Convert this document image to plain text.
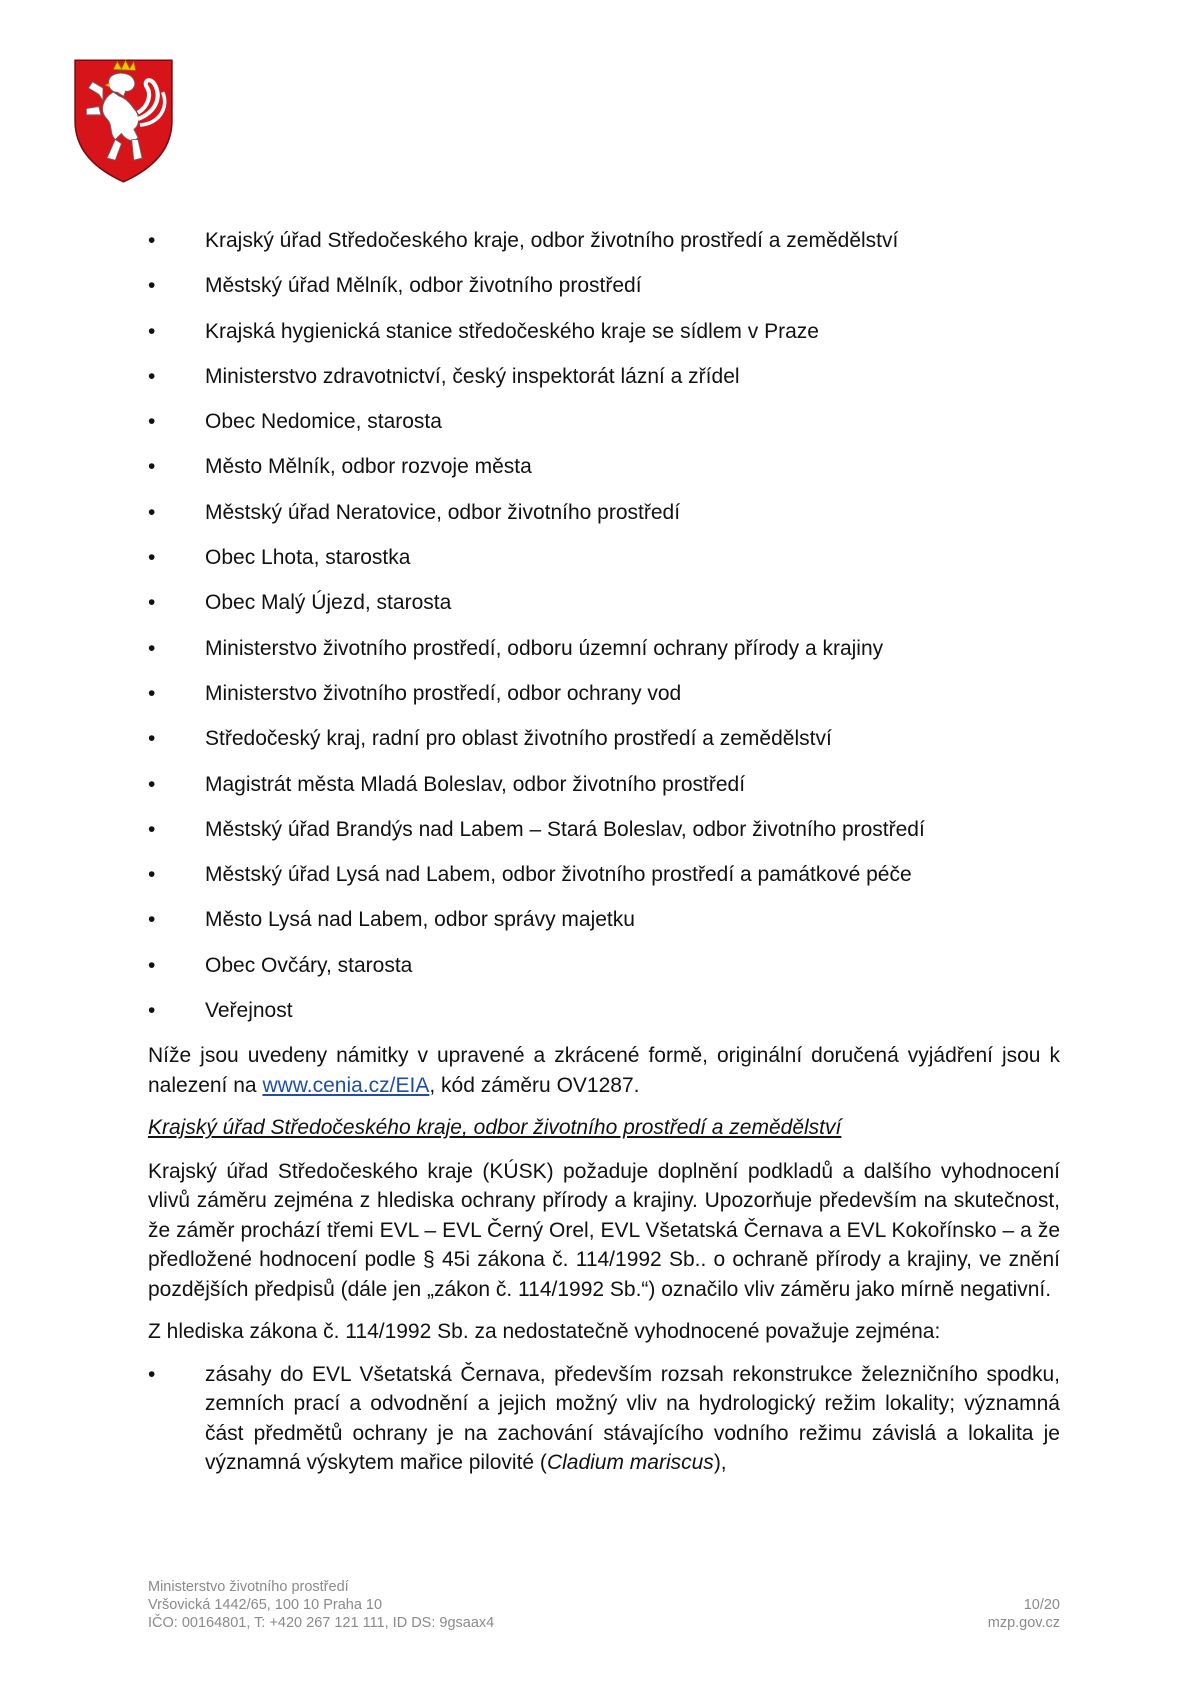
•	Krajský úřad Středočeského kraje, odbor životního prostředí a zemědělství
•	Městský úřad Mělník, odbor životního prostředí
•	Krajská hygienická stanice středočeského kraje se sídlem v Praze
•	Ministerstvo zdravotnictví, český inspektorát lázní a zřídel
•	Obec Nedomice, starosta
•	Město Mělník, odbor rozvoje města
•	Městský úřad Neratovice, odbor životního prostředí
•	Obec Lhota, starostka
•	Obec Malý Újezd, starosta
•	Ministerstvo životního prostředí, odboru územní ochrany přírody a krajiny
•	Ministerstvo životního prostředí, odbor ochrany vod
•	Středočeský kraj, radní pro oblast životního prostředí a zemědělství
•	Magistrát města Mladá Boleslav, odbor životního prostředí
•	Městský úřad Brandýs nad Labem – Stará Boleslav, odbor životního prostředí
•	Městský úřad Lysá nad Labem, odbor životního prostředí a památkové péče
•	Město Lysá nad Labem, odbor správy majetku
•	Obec Ovčáry, starosta
•	Veřejnost

Níže jsou uvedeny námitky v upravené a zkrácené formě, originální doručená vyjádření jsou k nalezení na www.cenia.cz/EIA, kód záměru OV1287.

Krajský úřad Středočeského kraje, odbor životního prostředí a zemědělství

Krajský úřad Středočeského kraje (KÚSK) požaduje doplnění podkladů a dalšího vyhodnocení vlivů záměru zejména z hlediska ochrany přírody a krajiny. Upozorňuje především na skutečnost, že záměr prochází třemi EVL – EVL Černý Orel, EVL Všetatská Černava a EVL Kokořínsko – a že předložené hodnocení podle § 45i zákona č. 114/1992 Sb.. o ochraně přírody a krajiny, ve znění pozdějších předpisů (dále jen „zákon č. 114/1992 Sb.“) označilo vliv záměru jako mírně negativní.

Z hlediska zákona č. 114/1992 Sb. za nedostatečně vyhodnocené považuje zejména:

•	zásahy do EVL Všetatská Černava, především rozsah rekonstrukce železničního spodku, zemních prací a odvodnění a jejich možný vliv na hydrologický režim lokality; významná část předmětů ochrany je na zachování stávajícího vodního režimu závislá a lokalita je významná výskytem mařice pilovité (Cladium mariscus),
Ministerstvo životního prostředí
Vršovická 1442/65, 100 10 Praha 10
IČO: 00164801, T: +420 267 121 111, ID DS: 9gsaax4
10/20
mzp.gov.cz
